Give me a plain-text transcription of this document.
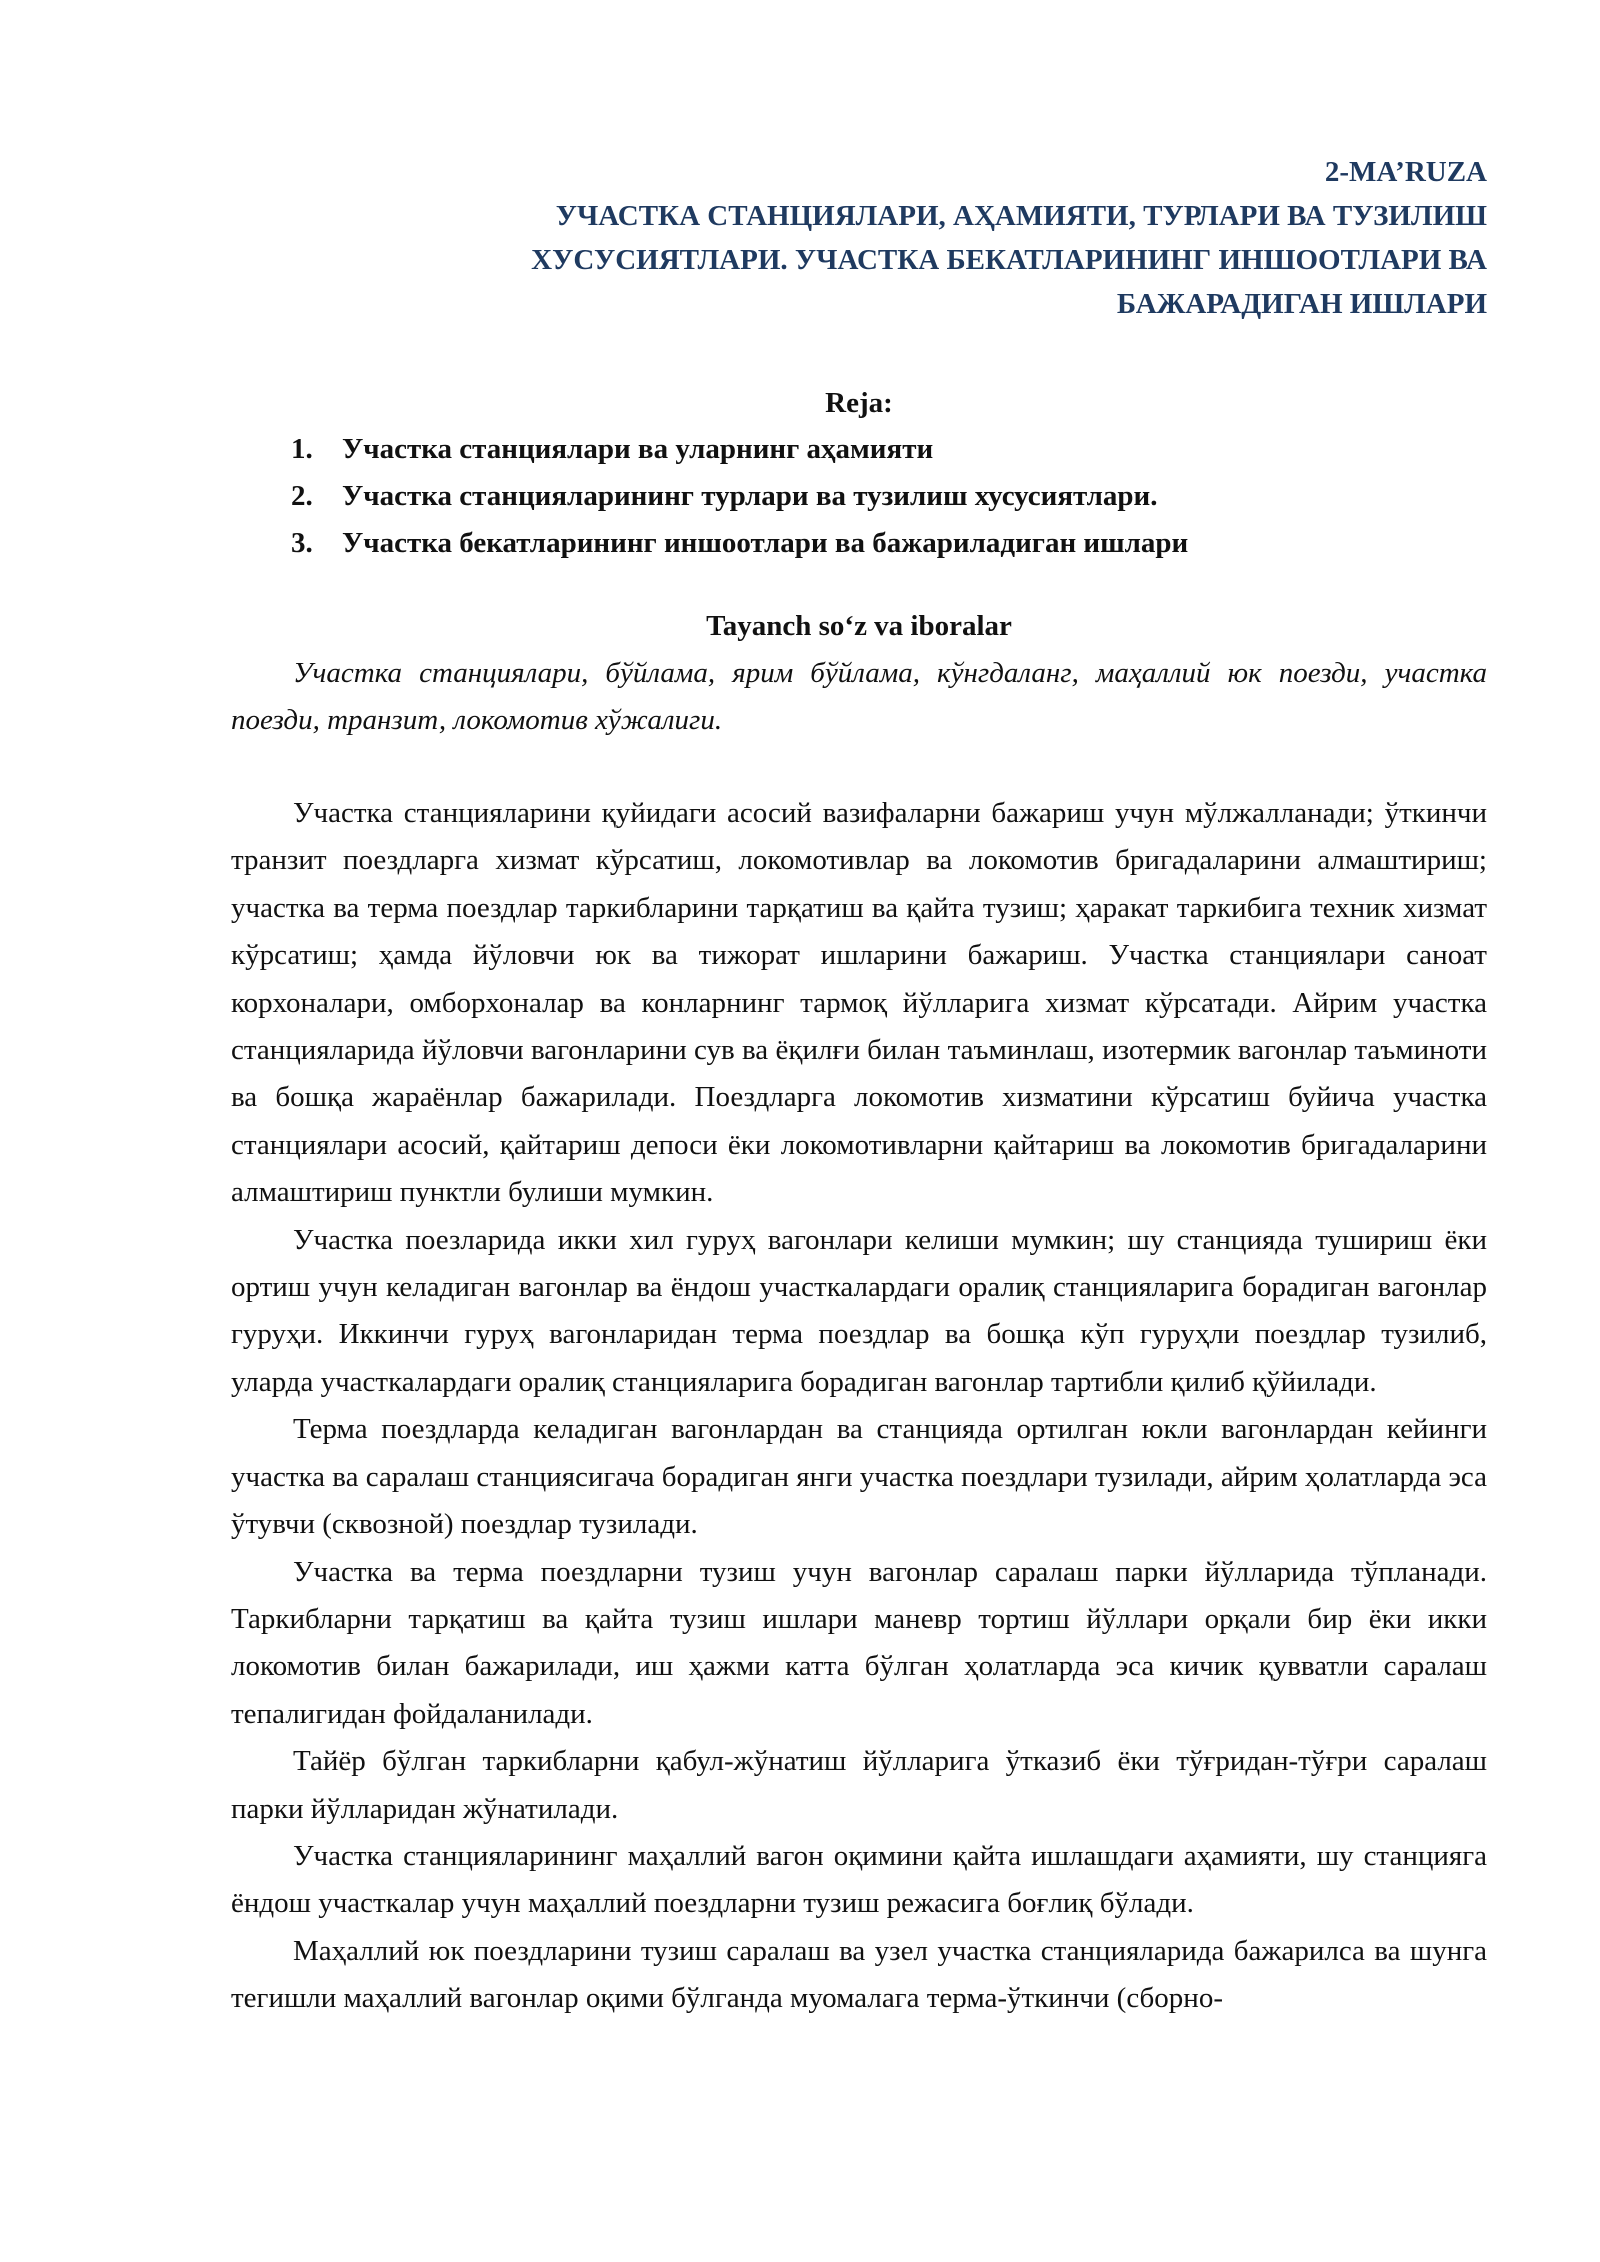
2-MA’RUZA

УЧАСТКА СТАНЦИЯЛАРИ, АҲАМИЯТИ, ТУРЛАРИ ВА ТУЗИЛИШ ХУСУСИЯТЛАРИ. УЧАСТКА БЕКАТЛАРИНИНГ ИНШООТЛАРИ ВА БАЖАРАДИГАН ИШЛАРИ

Reja:

1.	Участка станциялари ва уларнинг аҳамияти
2.	Участка станцияларининг турлари ва тузилиш хусусиятлари.
3.	Участка бекатларининг иншоотлари ва бажариладиган ишлари

Tayanch so‘z va iboralar

Участка станциялари, бўйлама, ярим бўйлама, кўнгдаланг, маҳаллий юк поезди, участка поезди, транзит, локомотив хўжалиги.

Участка станцияларини қуйидаги асосий вазифаларни бажариш учун мўлжалланади; ўткинчи транзит поездларга хизмат кўрсатиш, локомотивлар ва локомотив бригадаларини алмаштириш; участка ва терма поездлар таркибларини тарқатиш ва қайта тузиш; ҳаракат таркибига техник хизмат кўрсатиш; ҳамда йўловчи юк ва тижорат ишларини бажариш. Участка станциялари саноат корхоналари, омборхоналар ва конларнинг тармоқ йўлларига хизмат кўрсатади. Айрим участка станцияларида йўловчи вагонларини сув ва ёқилғи билан таъминлаш, изотермик вагонлар таъминоти ва бошқа жараёнлар бажарилади. Поездларга локомотив хизматини кўрсатиш буйича участка станциялари асосий, қайтариш депоси ёки локомотивларни қайтариш ва локомотив бригадаларини алмаштириш пунктли булиши мумкин.

Участка поезларида икки хил гуруҳ вагонлари келиши мумкин; шу станцияда тушириш ёки ортиш учун келадиган вагонлар ва ёндош участкалардаги оралиқ станцияларига борадиган вагонлар гуруҳи. Иккинчи гуруҳ вагонларидан терма поездлар ва бошқа кўп гуруҳли поездлар тузилиб, уларда участкалардаги оралиқ станцияларига борадиган вагонлар тартибли қилиб қўйилади.

Терма поездларда келадиган вагонлардан ва станцияда ортилган юкли вагонлардан кейинги участка ва саралаш станциясигача борадиган янги участка поездлари тузилади, айрим ҳолатларда эса ўтувчи (сквозной) поездлар тузилади.

Участка ва терма поездларни тузиш учун вагонлар саралаш парки йўлларида тўпланади. Таркибларни тарқатиш ва қайта тузиш ишлари маневр тортиш йўллари орқали бир ёки икки локомотив билан бажарилади, иш ҳажми катта бўлган ҳолатларда эса кичик қувватли саралаш тепалигидан фойдаланилади.

Тайёр бўлган таркибларни қабул-жўнатиш йўлларига ўтказиб ёки тўғридан-тўғри саралаш парки йўлларидан жўнатилади.

Участка станцияларининг маҳаллий вагон оқимини қайта ишлашдаги аҳамияти, шу станцияга ёндош участкалар учун маҳаллий поездларни тузиш режасига боғлиқ бўлади.

Маҳаллий юк поездларини тузиш саралаш ва узел участка станцияларида бажарилса ва шунга тегишли маҳаллий вагонлар оқими бўлганда муомалага терма-ўткинчи (сборно-
